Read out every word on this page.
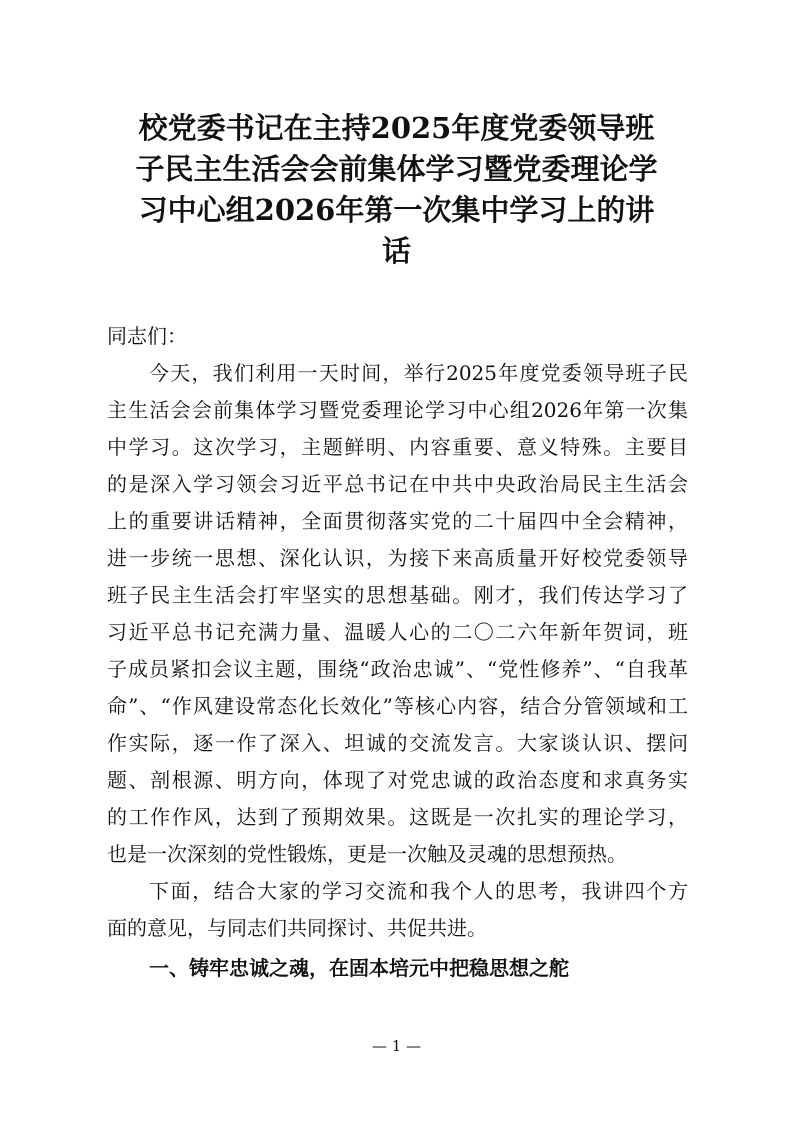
校党委书记在主持2025年度党委领导班
子民主生活会会前集体学习暨党委理论学
习中心组2026年第一次集中学习上的讲
话
同志们：
今天，我们利用一天时间，举行2025年度党委领导班子民
主生活会会前集体学习暨党委理论学习中心组2026年第一次集
中学习。这次学习，主题鲜明、内容重要、意义特殊。主要目
的是深入学习领会习近平总书记在中共中央政治局民主生活会
上的重要讲话精神，全面贯彻落实党的二十届四中全会精神，
进一步统一思想、深化认识，为接下来高质量开好校党委领导
班子民主生活会打牢坚实的思想基础。刚才，我们传达学习了
习近平总书记充满力量、温暖人心的二〇二六年新年贺词，班
子成员紧扣会议主题，围绕“政治忠诚”、“党性修养”、“自我革
命”、“作风建设常态化长效化”等核心内容，结合分管领域和工
作实际，逐一作了深入、坦诚的交流发言。大家谈认识、摆问
题、剖根源、明方向，体现了对党忠诚的政治态度和求真务实
的工作作风，达到了预期效果。这既是一次扎实的理论学习，
也是一次深刻的党性锻炼，更是一次触及灵魂的思想预热。
下面，结合大家的学习交流和我个人的思考，我讲四个方
面的意见，与同志们共同探讨、共促共进。
一、铸牢忠诚之魂，在固本培元中把稳思想之舵
— 1 —
